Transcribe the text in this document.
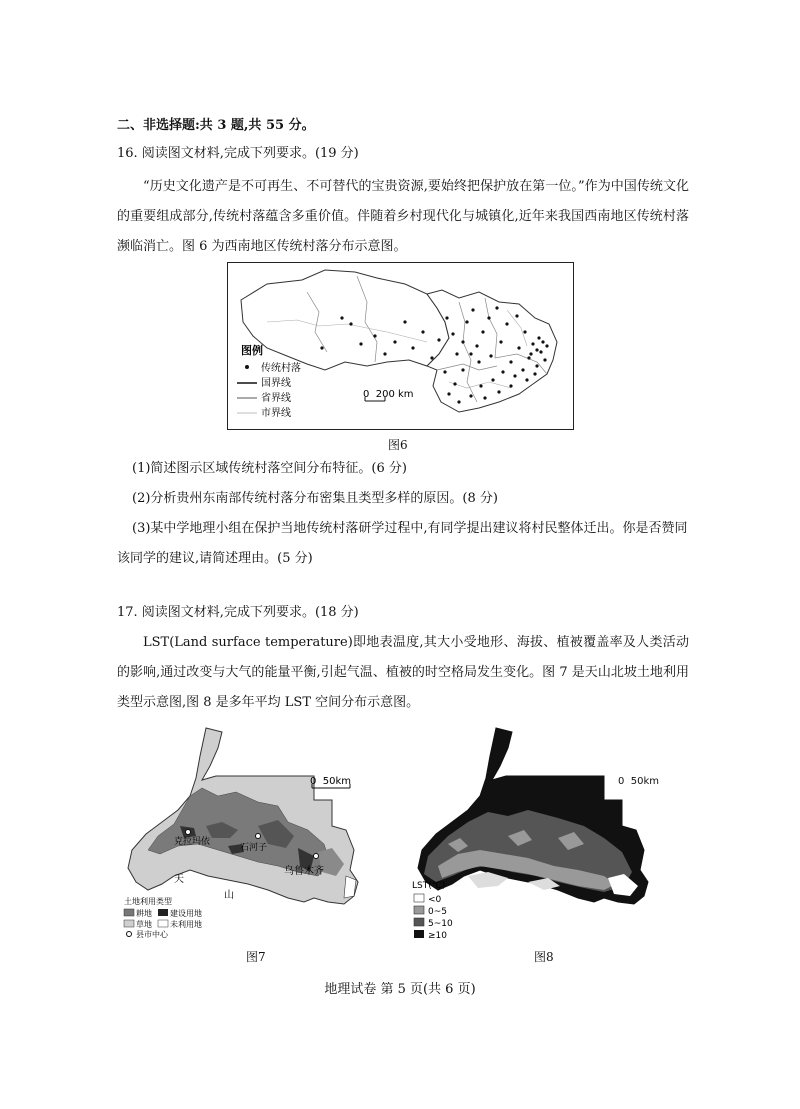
二、非选择题:共 3 题,共 55 分。
16. 阅读图文材料,完成下列要求。(19 分)
“历史文化遗产是不可再生、不可替代的宝贵资源,要始终把保护放在第一位。”作为中国传统文化的重要组成部分,传统村落蕴含多重价值。伴随着乡村现代化与城镇化,近年来我国西南地区传统村落濒临消亡。图 6 为西南地区传统村落分布示意图。
图例
传统村落
国界线
省界线
市界线
0  200 km
图6
(1)简述图示区域传统村落空间分布特征。(6 分)
(2)分析贵州东南部传统村落分布密集且类型多样的原因。(8 分)
(3)某中学地理小组在保护当地传统村落研学过程中,有同学提出建议将村民整体迁出。你是否赞同该同学的建议,请简述理由。(5 分)
17. 阅读图文材料,完成下列要求。(18 分)
LST(Land surface temperature)即地表温度,其大小受地形、海拔、植被覆盖率及人类活动的影响,通过改变与大气的能量平衡,引起气温、植被的时空格局发生变化。图 7 是天山北坡土地利用类型示意图,图 8 是多年平均 LST 空间分布示意图。
克拉玛依
石河子
乌鲁木齐
天
山
0  50km
土地利用类型
耕地 建设用地
草地 未利用地
县市中心
图7
0  50km
LST(℃)
<0
0~5
5~10
≥10
图8
地理试卷 第 5 页(共 6 页)
